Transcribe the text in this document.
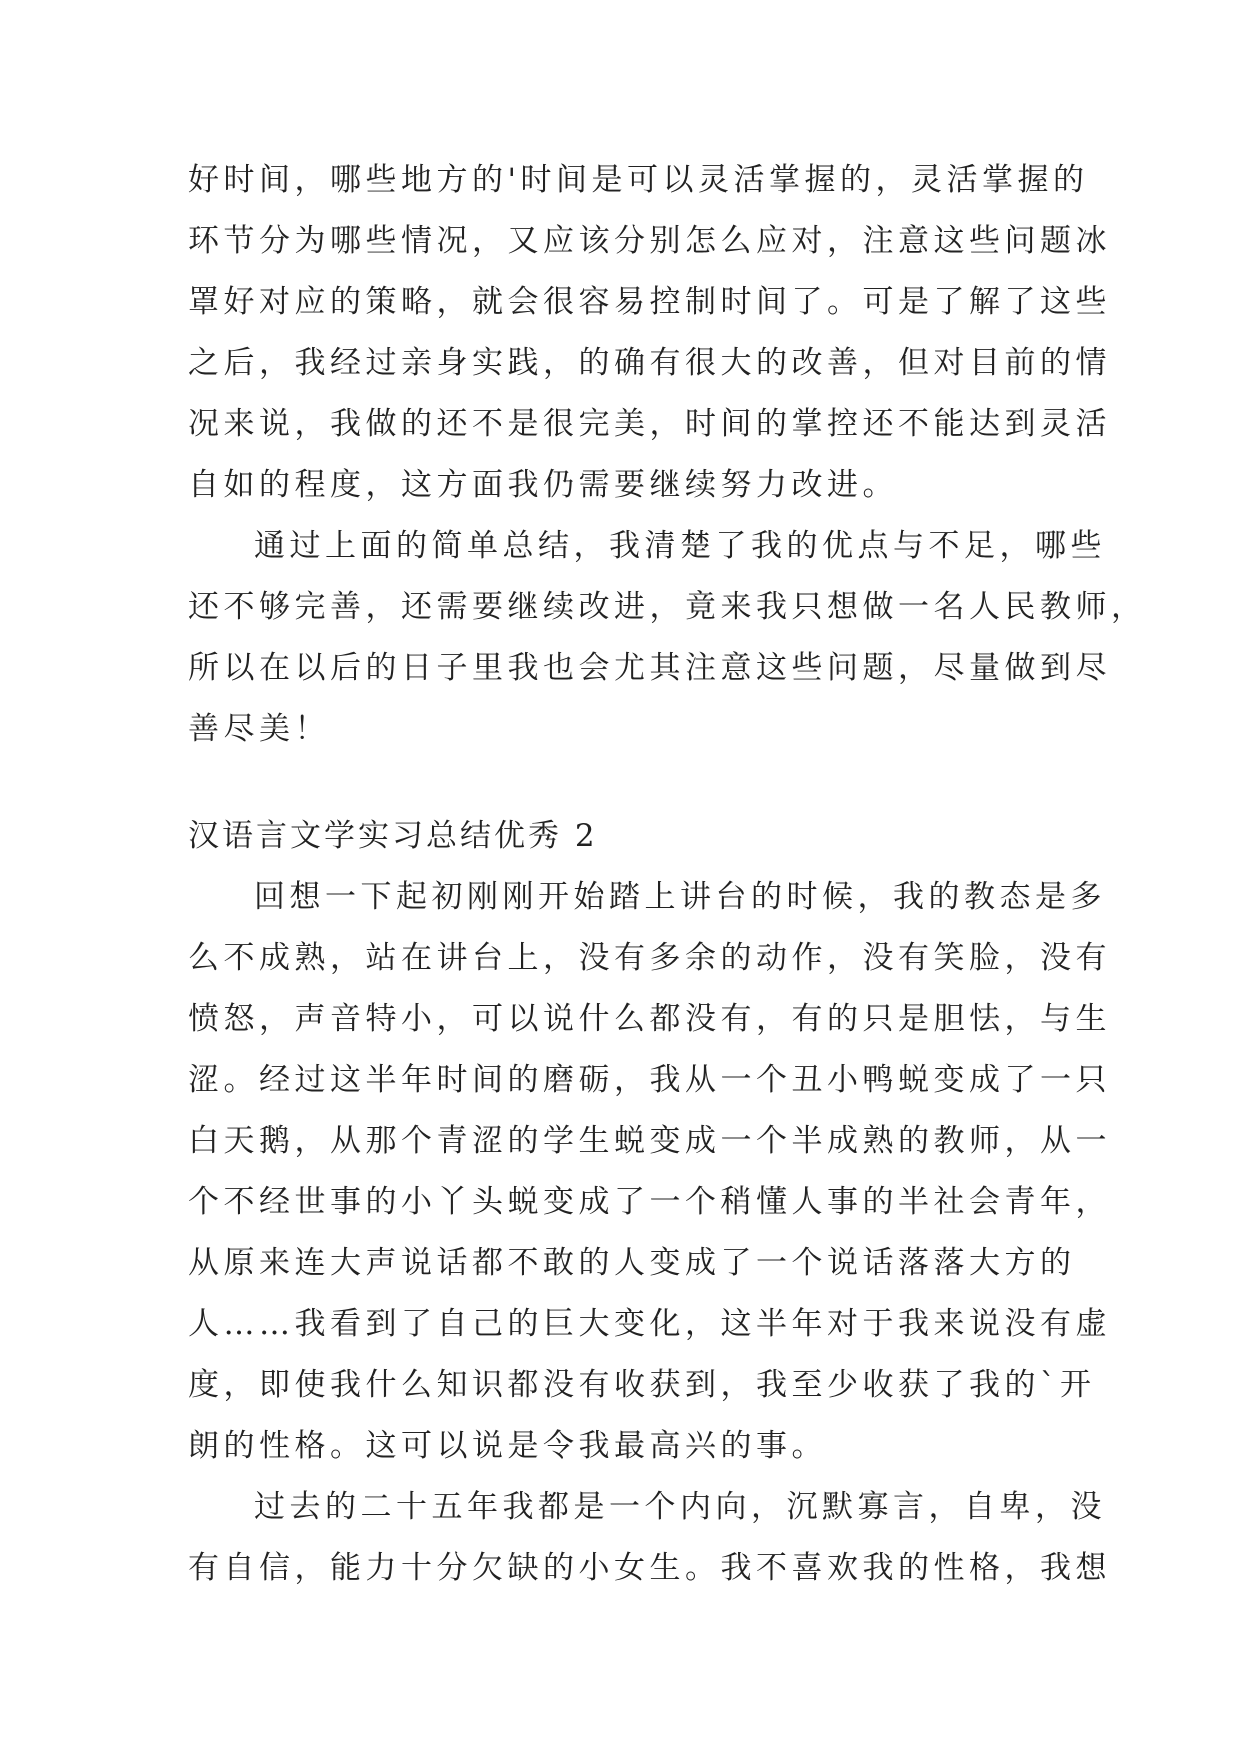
好时间，哪些地方的'时间是可以灵活掌握的，灵活掌握的
环节分为哪些情况，又应该分别怎么应对，注意这些问题冰
罩好对应的策略，就会很容易控制时间了。可是了解了这些
之后，我经过亲身实践，的确有很大的改善，但对目前的情
况来说，我做的还不是很完美，时间的掌控还不能达到灵活
自如的程度，这方面我仍需要继续努力改进。
通过上面的简单总结，我清楚了我的优点与不足，哪些
还不够完善，还需要继续改进，竟来我只想做一名人民教师，
所以在以后的日子里我也会尤其注意这些问题，尽量做到尽
善尽美！
汉语言文学实习总结优秀 2
回想一下起初刚刚开始踏上讲台的时候，我的教态是多
么不成熟，站在讲台上，没有多余的动作，没有笑脸，没有
愤怒，声音特小，可以说什么都没有，有的只是胆怯，与生
涩。经过这半年时间的磨砺，我从一个丑小鸭蜕变成了一只
白天鹅，从那个青涩的学生蜕变成一个半成熟的教师，从一
个不经世事的小丫头蜕变成了一个稍懂人事的半社会青年，
从原来连大声说话都不敢的人变成了一个说话落落大方的
人……我看到了自己的巨大变化，这半年对于我来说没有虚
度，即使我什么知识都没有收获到，我至少收获了我的`开
朗的性格。这可以说是令我最高兴的事。
过去的二十五年我都是一个内向，沉默寡言，自卑，没
有自信，能力十分欠缺的小女生。我不喜欢我的性格，我想
